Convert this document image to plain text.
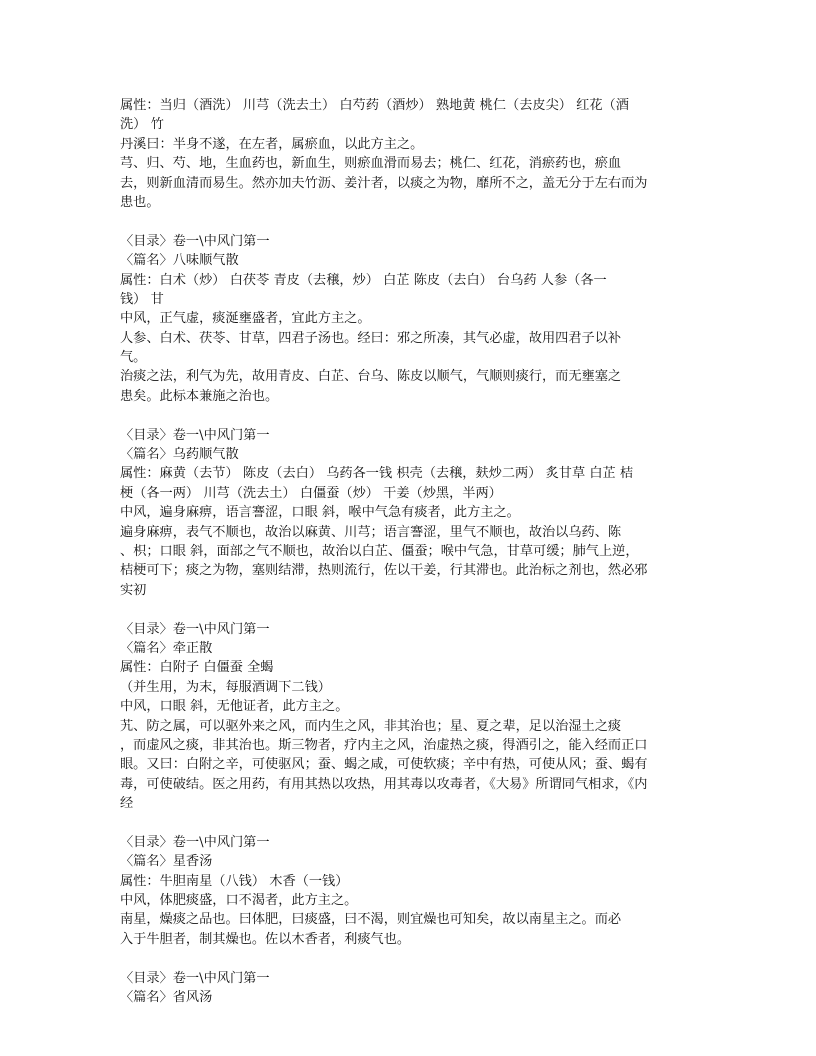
属性：当归（酒洗） 川芎（洗去土） 白芍药（酒炒） 熟地黄 桃仁（去皮尖） 红花（酒
洗） 竹
丹溪曰：半身不遂，在左者，属瘀血，以此方主之。
芎、归、芍、地，生血药也，新血生，则瘀血滑而易去；桃仁、红花，消瘀药也，瘀血
去，则新血清而易生。然亦加夫竹沥、姜汁者，以痰之为物，靡所不之，盖无分于左右而为
患也。
〈目录〉卷一\中风门第一
〈篇名〉八味顺气散
属性：白术（炒） 白茯苓 青皮（去穣，炒） 白芷 陈皮（去白） 台乌药 人参（各一
钱） 甘
中风，正气虚，痰涎壅盛者，宜此方主之。
人参、白术、茯苓、甘草，四君子汤也。经曰：邪之所凑，其气必虚，故用四君子以补
气。
治痰之法，利气为先，故用青皮、白芷、台乌、陈皮以顺气，气顺则痰行，而无壅塞之
患矣。此标本兼施之治也。
〈目录〉卷一\中风门第一
〈篇名〉乌药顺气散
属性：麻黄（去节） 陈皮（去白） 乌药各一钱 枳壳（去穣，麸炒二两） 炙甘草 白芷 桔
梗（各一两） 川芎（洗去土） 白僵蚕（炒） 干姜（炒黑，半两）
中风，遍身麻痹，语言謇涩，口眼 斜，喉中气急有痰者，此方主之。
遍身麻痹，表气不顺也，故治以麻黄、川芎；语言謇涩，里气不顺也，故治以乌药、陈
、枳；口眼 斜，面部之气不顺也，故治以白芷、僵蚕；喉中气急，甘草可缓；肺气上逆，
桔梗可下；痰之为物，塞则结滞，热则流行，佐以干姜，行其滞也。此治标之剂也，然必邪
实初
〈目录〉卷一\中风门第一
〈篇名〉牵正散
属性：白附子 白僵蚕 全蝎
（并生用，为末，每服酒调下二钱）
中风，口眼 斜，无他证者，此方主之。
艽、防之属，可以驱外来之风，而内生之风，非其治也；星、夏之辈，足以治湿土之痰
，而虚风之痰，非其治也。斯三物者，疗内主之风，治虚热之痰，得酒引之，能入经而正口
眼。又曰：白附之辛，可使驱风；蚕、蝎之咸，可使软痰；辛中有热，可使从风；蚕、蝎有
毒，可使破结。医之用药，有用其热以攻热，用其毒以攻毒者，《大易》所谓同气相求，《内
经
〈目录〉卷一\中风门第一
〈篇名〉星香汤
属性：牛胆南星（八钱） 木香（一钱）
中风，体肥痰盛，口不渴者，此方主之。
南星，燥痰之品也。曰体肥，曰痰盛，曰不渴，则宜燥也可知矣，故以南星主之。而必
入于牛胆者，制其燥也。佐以木香者，利痰气也。
〈目录〉卷一\中风门第一
〈篇名〉省风汤
